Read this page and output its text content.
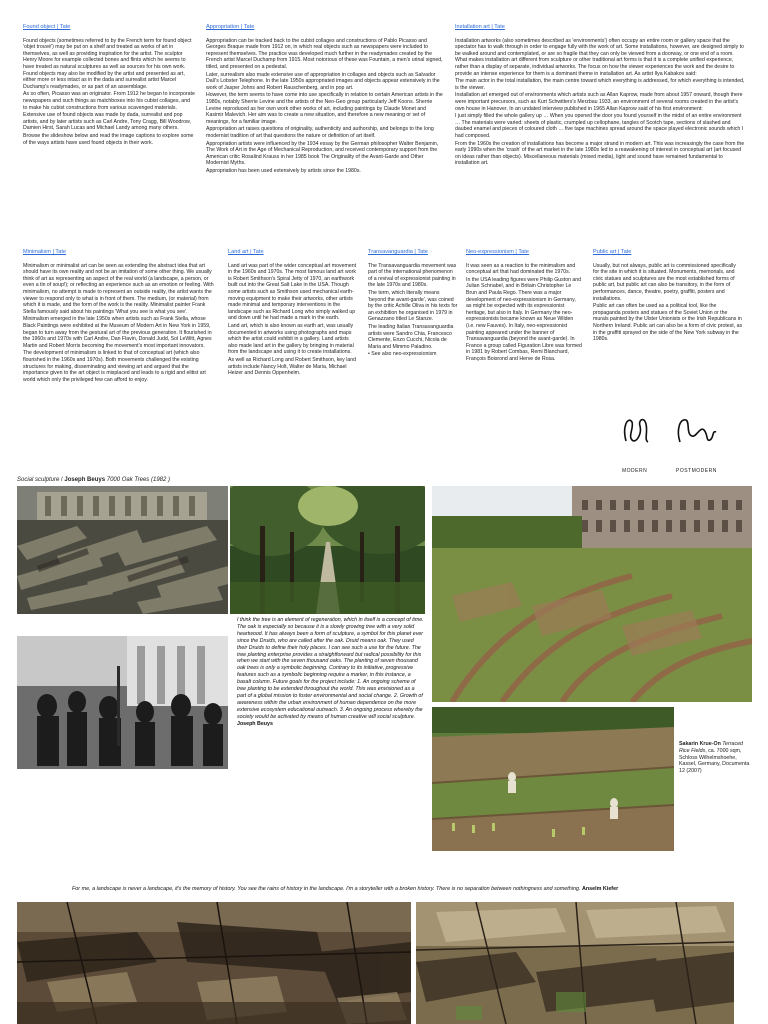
Found object | Tate

Found objects (sometimes referred to by the French term for found object 'objet trouvé') may be put on a shelf and treated as works of art in themselves, as well as providing inspiration for the artist. The sculptor Henry Moore for example collected bones and flints which he seems to have treated as natural sculptures as well as sources for his own work. Found objects may also be modified by the artist and presented as art, either more or less intact as in the dada and surrealist artist Marcel Duchamp's readymades, or as part of an assemblage.

As so often, Picasso was an originator. From 1912 he began to incorporate newspapers and such things as matchboxes into his cubist collages, and to make his cubist constructions from various scavenged materials.

Extensive use of found objects was made by dada, surrealist and pop artists, and by later artists such as Carl Andre, Tony Cragg, Bill Woodrow, Damien Hirst, Sarah Lucas and Michael Landy among many others.

Browse the slideshow below and read the image captions to explore some of the ways artists have used found objects in their work.

Appropriation | Tate

Appropriation can be tracked back to the cubist collages and constructions of Pablo Picasso and Georges Braque made from 1912 on, in which real objects such as newspapers were included to represent themselves. The practice was developed much further in the readymades created by the French artist Marcel Duchamp from 1915. Most notorious of these was Fountain, a men's urinal signed, titled, and presented on a pedestal.

Later, surrealism also made extensive use of appropriation in collages and objects such as Salvador Dalí's Lobster Telephone. In the late 1950s appropriated images and objects appear extensively in the work of Jasper Johns and Robert Rauschenberg, and in pop art.

However, the term seems to have come into use specifically in relation to certain American artists in the 1980s, notably Sherrie Levine and the artists of the Neo-Geo group particularly Jeff Koons. Sherrie Levine reproduced as her own work other works of art, including paintings by Claude Monet and Kasimir Malevich. Her aim was to create a new situation, and therefore a new meaning or set of meanings, for a familiar image.

Appropriation art raises questions of originality, authenticity and authorship, and belongs to the long modernist tradition of art that questions the nature or definition of art itself.

Appropriation artists were influenced by the 1934 essay by the German philosopher Walter Benjamin, The Work of Art in the Age of Mechanical Reproduction, and received contemporary support from the American critic Rosalind Krauss in her 1985 book The Originality of the Avant-Garde and Other Modernist Myths.

Appropriation has been used extensively by artists since the 1980s.

Installation art | Tate

Installation artworks (also sometimes described as 'environments') often occupy an entire room or gallery space that the spectator has to walk through in order to engage fully with the work of art. Some installations, however, are designed simply to be walked around and contemplated, or are so fragile that they can only be viewed from a doorway, or one end of a room. What makes installation art different from sculpture or other traditional art forms is that it is a complete unified experience, rather than a display of separate, individual artworks. The focus on how the viewer experiences the work and the desire to provide an intense experience for them is a dominant theme in installation art. As artist Ilya Kabakov said:

The main actor in the total installation, the main centre toward which everything is addressed, for which everything is intended, is the viewer.

Installation art emerged out of environments which artists such as Allan Kaprow, made from about 1957 onward, though there were important precursors, such as Kurt Schwitters's Merzbau 1933, an environment of several rooms created in the artist's own house in Hanover. In an undated interview published in 1965 Allan Kaprow said of his first environment:

I just simply filled the whole gallery up … When you opened the door you found yourself in the midst of an entire environment … The materials were varied: sheets of plastic, crumpled up cellophane, tangles of Scotch tape, sections of slashed and daubed enamel and pieces of coloured cloth … five tape machines spread around the space played electronic sounds which I had composed.

From the 1960s the creation of installations has become a major strand in modern art. This was increasingly the case from the early 1990s when the 'crash' of the art market in the late 1980s led to a reawakening of interest in conceptual art (art focused on ideas rather than objects). Miscellaneous materials (mixed media), light and sound have remained fundamental to installation art.

Minimalism | Tate

Minimalism or minimalist art can be seen as extending the abstract idea that art should have its own reality and not be an imitation of some other thing. We usually think of art as representing an aspect of the real world (a landscape, a person, or even a tin of soup!); or reflecting an experience such as an emotion or feeling. With minimalism, no attempt is made to represent an outside reality, the artist wants the viewer to respond only to what is in front of them. The medium, (or material) from which it is made, and the form of the work is the reality. Minimalist painter Frank Stella famously said about his paintings 'What you see is what you see'.

Minimalism emerged in the late 1950s when artists such as Frank Stella, whose Black Paintings were exhibited at the Museum of Modern Art in New York in 1959, began to turn away from the gestural art of the previous generation. It flourished in the 1960s and 1970s with Carl Andre, Dan Flavin, Donald Judd, Sol LeWitt, Agnes Martin and Robert Morris becoming the movement's most important innovators.

The development of minimalism is linked to that of conceptual art (which also flourished in the 1960s and 1970s). Both movements challenged the existing structures for making, disseminating and viewing art and argued that the importance given to the art object is misplaced and leads to a rigid and elitist art world which only the privileged few can afford to enjoy.

Land art | Tate

Land art was part of the wider conceptual art movement in the 1960s and 1970s. The most famous land art work is Robert Smithson's Spiral Jetty of 1970, an earthwork built out into the Great Salt Lake in the USA. Though some artists such as Smithson used mechanical earth-moving equipment to make their artworks, other artists made minimal and temporary interventions in the landscape such as Richard Long who simply walked up and down until he had made a mark in the earth.

Land art, which is also known as earth art, was usually documented in artworks using photographs and maps which the artist could exhibit in a gallery. Land artists also made land art in the gallery by bringing in material from the landscape and using it to create installations.

As well as Richard Long and Robert Smithson, key land artists include Nancy Holt, Walter de Maria, Michael Heizer and Dennis Oppenheim.

Transavanguardia | Tate

The Transavanguardia movement was part of the international phenomenon of a revival of expressionist painting in the late 1970s and 1980s.

The term, which literally means 'beyond the avant-garde', was coined by the critic Achille Oliva in his texts for an exhibition he organised in 1979 in Genazzano titled Le Stanze.

The leading Italian Transavanguardia artists were Sandro Chia, Francesco Clemente, Enzo Cucchi, Nicola de Maria and Mimmo Paladino.

• See also neo-expressionism

Neo-expressionism | Tate

It was seen as a reaction to the minimalism and conceptual art that had dominated the 1970s.

In the USA leading figures were Philip Guston and Julian Schnabel, and in Britain Christopher Le Brun and Paula Rego. There was a major development of neo-expressionism in Germany, as might be expected with its expressionist heritage, but also in Italy. In Germany the neo-expressionists became known as Neue Wilden (i.e. new Fauves). In Italy, neo-expressionist painting appeared under the banner of Transavanguardia (beyond the avant-garde). In France a group called Figuration Libre was formed in 1981 by Robert Combas, Remi Blanchard, François Boisrond and Herve de Rosa.

Public art | Tate

Usually, but not always, public art is commissioned specifically for the site in which it is situated. Monuments, memorials, and civic statues and sculptures are the most established forms of public art, but public art can also be transitory, in the form of performances, dance, theatre, poetry, graffiti, posters and installations.

Public art can often be used as a political tool, like the propaganda posters and statues of the Soviet Union or the murals painted by the Ulster Unionists or the Irish Republicans in Northern Ireland. Public art can also be a form of civic protest, as in the graffiti sprayed on the side of the New York subway in the 1980s.

MODERN	POSTMODERN
Social sculpture / Joseph Beuys 7000 Oak Trees (1982 )
I think the tree is an element of regeneration, which in itself is a concept of time. The oak is especially so because it is a slowly growing tree with a very solid heartwood. It has always been a form of sculpture, a symbol for this planet ever since the Druids, who are called after the oak. Druid means oak. They used their Druids to define their holy places. I can see such a use for the future. The tree planting enterprise provides a straightforward but radical possibility for this when we start with the seven thousand oaks. The planting of seven thousand oak trees is only a symbolic beginning. Contrary to its initiative, progressive features such as a symbolic beginning require a marker, in this instance, a basalt column. Future goals for the project include: 1. An ongoing scheme of tree planting to be extended throughout the world. This was envisioned as a part of a global mission to foster environmental and social change. 2. Growth of awareness within the urban environment of human dependence on the more extensive ecosystem educational outreach. 3. An ongoing process whereby the society would be activated by means of human creative will social sculpture. Joseph Beuys
Sakarin Krue-On Terraced Rice Fields, ca. 7000 sqm, Schloss Wilhelmshoehe, Kassel, Germany, Documenta 12 (2007)
For me, a landscape is never a landscape, it's the memory of history. You see the rains of history in the landscape. I'm a storyteller with a broken history. There is no separation between nothingness and something. Anselm Kiefer
